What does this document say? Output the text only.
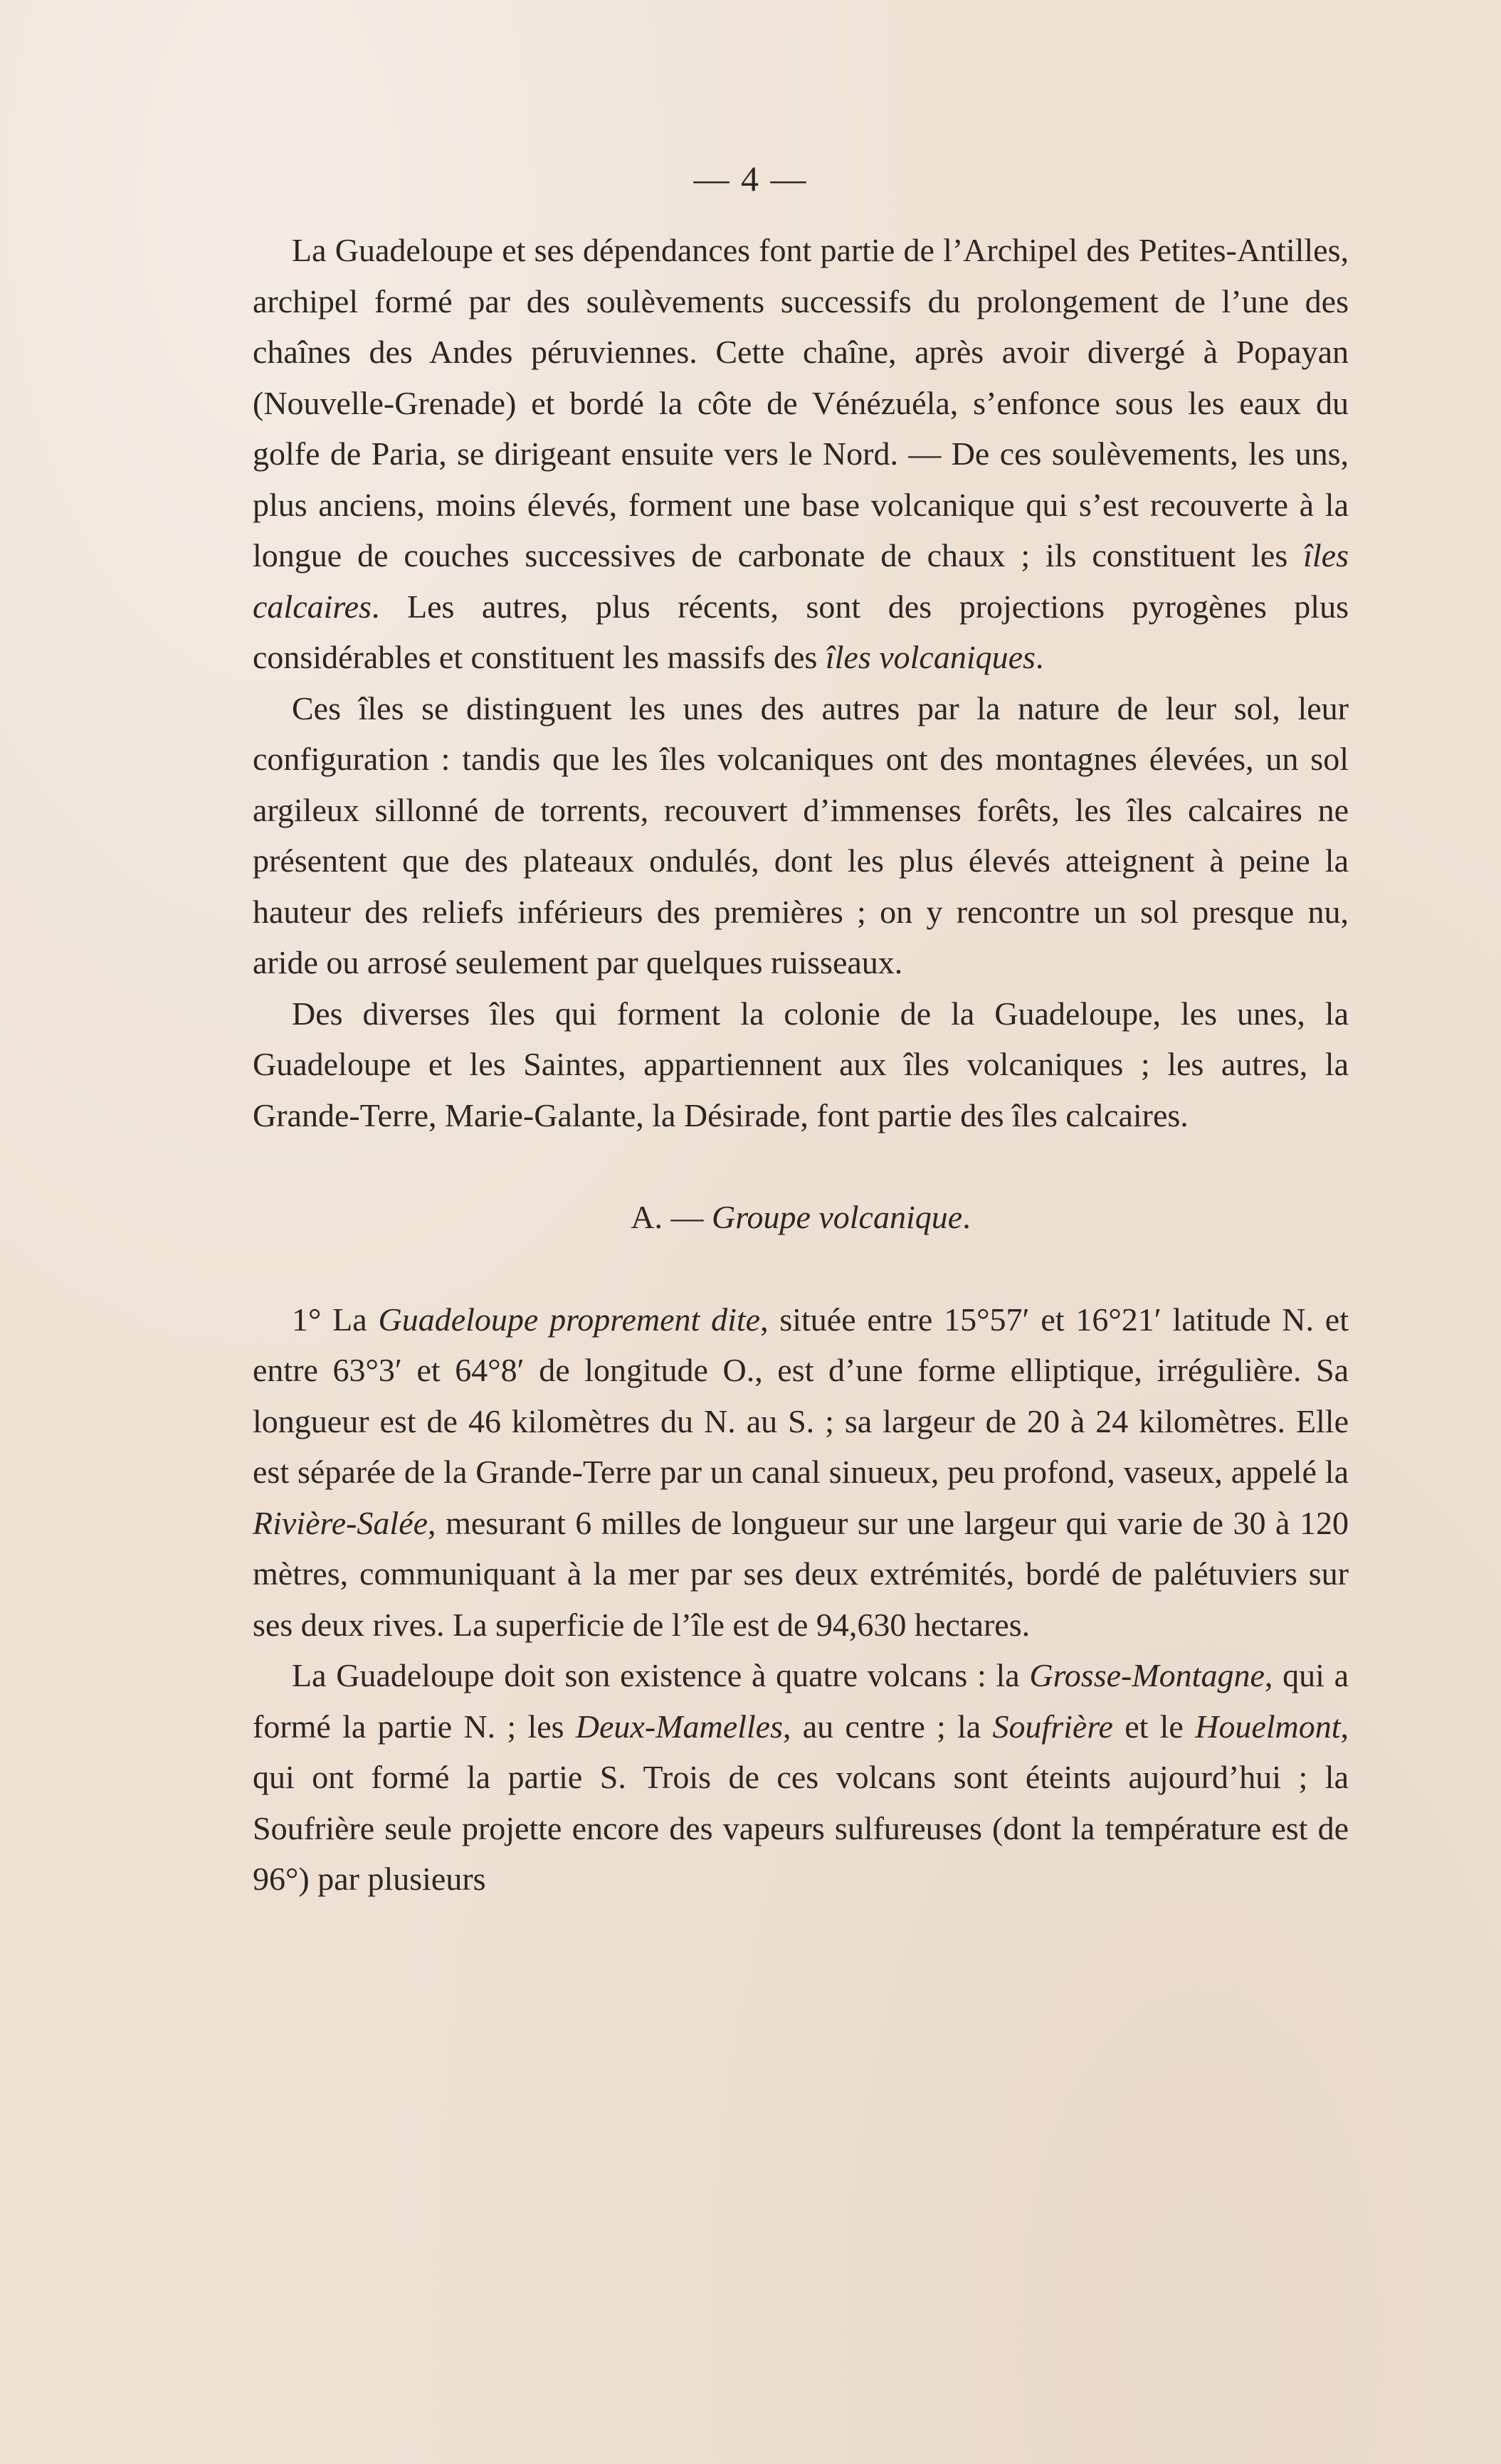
— 4 —

La Guadeloupe et ses dépendances font partie de l’Archipel des Petites-Antilles, archipel formé par des soulèvements successifs du prolongement de l’une des chaînes des Andes péruviennes. Cette chaîne, après avoir divergé à Popayan (Nouvelle-Grenade) et bordé la côte de Vénézuéla, s’enfonce sous les eaux du golfe de Paria, se dirigeant ensuite vers le Nord. — De ces soulèvements, les uns, plus anciens, moins élevés, forment une base volcanique qui s’est recouverte à la longue de couches successives de carbonate de chaux ; ils constituent les îles calcaires. Les autres, plus récents, sont des projections pyrogènes plus considérables et constituent les massifs des îles volcaniques.

Ces îles se distinguent les unes des autres par la nature de leur sol, leur configuration : tandis que les îles volcaniques ont des montagnes élevées, un sol argileux sillonné de torrents, recouvert d’immenses forêts, les îles calcaires ne présentent que des plateaux ondulés, dont les plus élevés atteignent à peine la hauteur des reliefs inférieurs des premières ; on y rencontre un sol presque nu, aride ou arrosé seulement par quelques ruisseaux.

Des diverses îles qui forment la colonie de la Guadeloupe, les unes, la Guadeloupe et les Saintes, appartiennent aux îles volcaniques ; les autres, la Grande-Terre, Marie-Galante, la Désirade, font partie des îles calcaires.

A. — Groupe volcanique.

1° La Guadeloupe proprement dite, située entre 15°57′ et 16°21′ latitude N. et entre 63°3′ et 64°8′ de longitude O., est d’une forme elliptique, irrégulière. Sa longueur est de 46 kilomètres du N. au S. ; sa largeur de 20 à 24 kilomètres. Elle est séparée de la Grande-Terre par un canal sinueux, peu profond, vaseux, appelé la Rivière-Salée, mesurant 6 milles de longueur sur une largeur qui varie de 30 à 120 mètres, communiquant à la mer par ses deux extrémités, bordé de palétuviers sur ses deux rives. La superficie de l’île est de 94,630 hectares.

La Guadeloupe doit son existence à quatre volcans : la Grosse-Montagne, qui a formé la partie N. ; les Deux-Mamelles, au centre ; la Soufrière et le Houelmont, qui ont formé la partie S. Trois de ces volcans sont éteints aujourd’hui ; la Soufrière seule projette encore des vapeurs sulfureuses (dont la température est de 96°) par plusieurs
